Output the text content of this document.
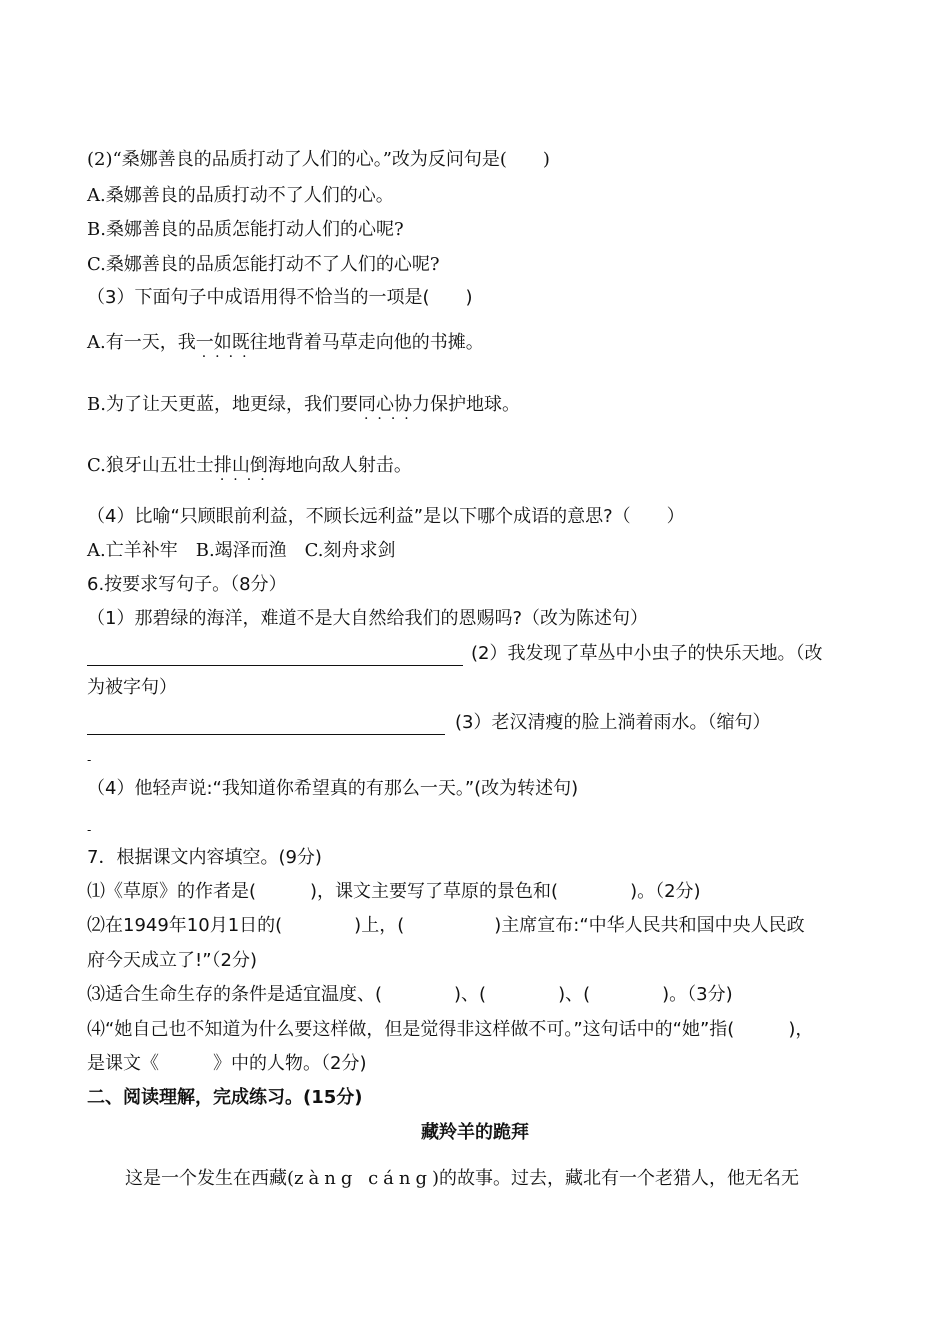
(2)“桑娜善良的品质打动了人们的心。”改为反问句是(　　)
A.桑娜善良的品质打动不了人们的心。
B.桑娜善良的品质怎能打动人们的心呢?
C.桑娜善良的品质怎能打动不了人们的心呢?
（3）下面句子中成语用得不恰当的一项是(　　)
A.有一天，我一如既往
····
地背着马草走向他的书摊。
B.为了让天更蓝，地更绿，我们要同心协力
····
保护地球。
C.狼牙山五壮士排山倒海
····
地向敌人射击。
（4）比喻“只顾眼前利益，不顾长远利益”是以下哪个成语的意思?（　　）
A.亡羊补牢　B.竭泽而渔　C.刻舟求剑
6.按要求写句子。（8分）
（1）那碧绿的海洋，难道不是大自然给我们的恩赐吗?（改为陈述句）
(2）我发现了草丛中小虫子的快乐天地。（改
为被字句）
(3）老汉清瘦的脸上淌着雨水。（缩句）
-
（4）他轻声说:“我知道你希望真的有那么一天。”(改为转述句)
-
7．根据课文内容填空。(9分)
⑴《草原》的作者是(　　　)，课文主要写了草原的景色和(　　　　)。（2分)
⑵在1949年10月1日的(　　　　)上，(　　　　　)主席宣布:“中华人民共和国中央人民政
府今天成立了!”（2分)
⑶适合生命生存的条件是适宜温度、(　　　　)、(　　　　)、(　　　　)。（3分)
⑷“她自己也不知道为什么要这样做，但是觉得非这样做不可。”这句话中的“她”指(　　　)，
是课文《　　　》中的人物。（2分)
二、阅读理解，完成练习。(15分)
藏羚羊的跪拜
这是一个发生在西藏(zàng cáng)的故事。过去，藏北有一个老猎人，他无名无
